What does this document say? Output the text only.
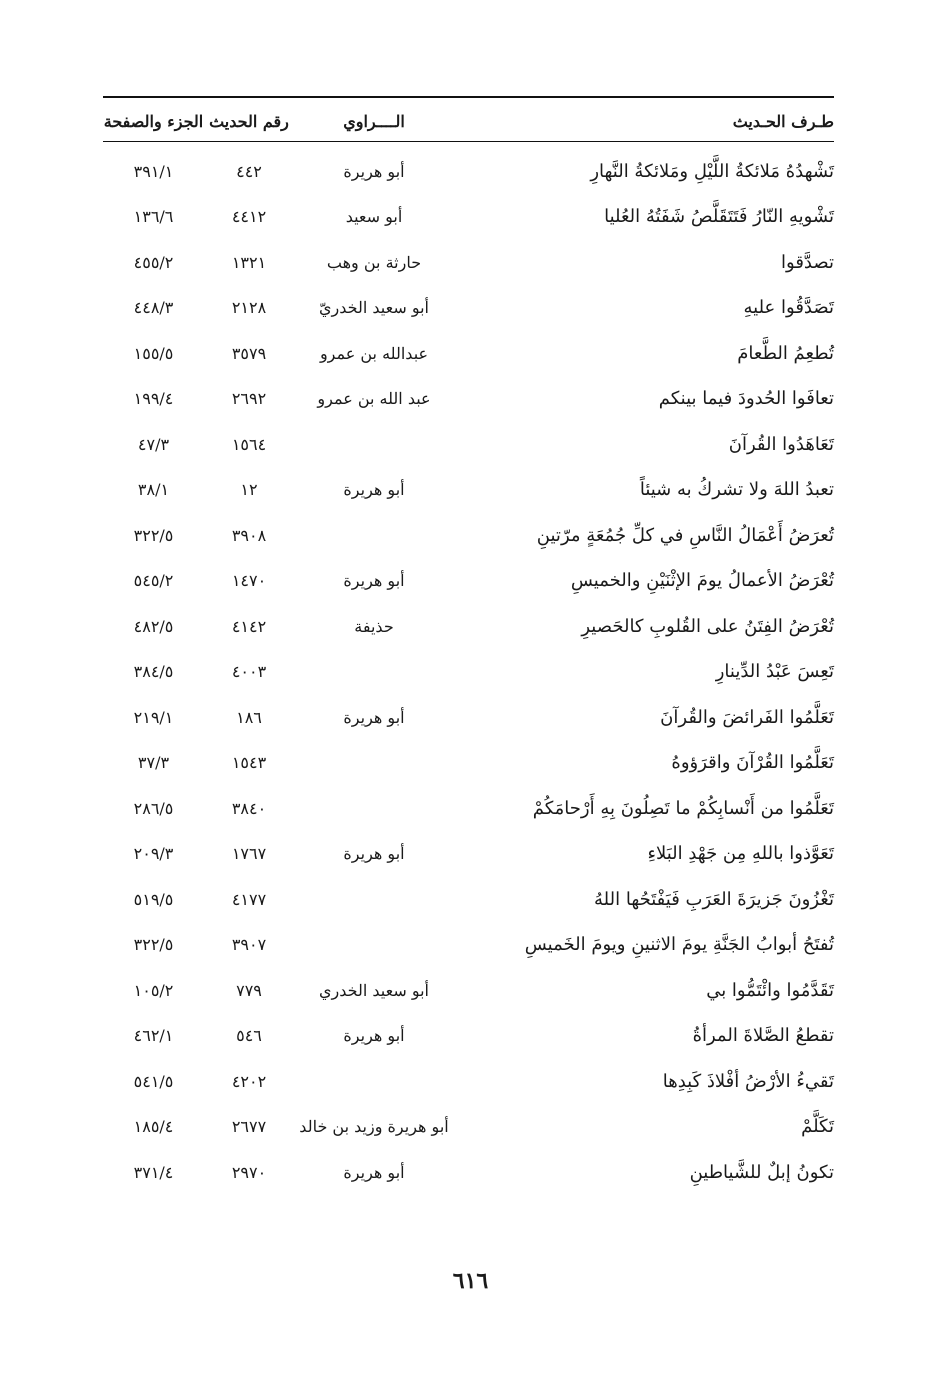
طـرف الحـديث
الــــراوي
رقم الحديث
الجزء والصفحة
تَشْهدُهُ مَلائكةُ اللَّيْلِ ومَلائكةُ النَّهارِ
أبو هريرة
٤٤٢
٣٩١/١
تَشْويهِ النّارُ فَتَتَقَلَّصُ شَفَتُهُ العُليا
أبو سعيد
٤٤١٢
١٣٦/٦
تصدَّقوا
حارثة بن وهب
١٣٢١
٤٥٥/٢
تَصَدَّقُوا عليهِ
أبو سعيد الخدريّ
٢١٢٨
٤٤٨/٣
تُطعِمُ الطَّعامَ
عبدالله بن عمرو
٣٥٧٩
١٥٥/٥
تعافَوا الحُدودَ فيما بينكم
عبد الله بن عمرو
٢٦٩٢
١٩٩/٤
تَعَاهَدُوا القُرآنَ
١٥٦٤
٤٧/٣
تعبدُ اللهَ ولا تشركُ به شيئاً
أبو هريرة
١٢
٣٨/١
تُعرَضُ أَعْمَالُ النَّاسِ في كلِّ جُمُعَةٍ مرّتينِ
٣٩٠٨
٣٢٢/٥
تُعْرَضُ الأعمالُ يومَ الإثْنَيْنِ والخميسِ
أبو هريرة
١٤٧٠
٥٤٥/٢
تُعْرَضُ الفِتَنُ على القُلوبِ كالحَصيرِ
حذيفة
٤١٤٢
٤٨٢/٥
تَعِسَ عَبْدُ الدِّينارِ
٤٠٠٣
٣٨٤/٥
تَعَلَّمُوا الفَرائضَ والقُرآنَ
أبو هريرة
١٨٦
٢١٩/١
تَعَلَّمُوا القُرْآنَ واقرَؤوهُ
١٥٤٣
٣٧/٣
تَعَلَّمُوا من أَنْسابِكُمْ ما تَصِلُونَ بِهِ أَرْحامَكُمْ
٣٨٤٠
٢٨٦/٥
تَعَوَّذوا باللهِ مِن جَهْدِ البَلاءِ
أبو هريرة
١٧٦٧
٢٠٩/٣
تَغْزُونَ جَزيرَةَ العَرَبِ فَيَفْتَحُها اللهُ
٤١٧٧
٥١٩/٥
تُفتَحُ أبوابُ الجَنَّةِ يومَ الاثنينِ ويومَ الخَميسِ
٣٩٠٧
٣٢٢/٥
تَقَدَّمُوا وائْتَمُّوا بي
أبو سعيد الخدري
٧٧٩
١٠٥/٢
تقطعُ الصَّلاةَ المرأةُ
أبو هريرة
٥٤٦
٤٦٢/١
تَقيءُ الأرْضُ أفْلاذَ كَبِدِها
٤٢٠٢
٥٤١/٥
تَكَلَّمْ
أبو هريرة وزيد بن خالد
٢٦٧٧
١٨٥/٤
تكونُ إبلٌ للشَّياطينِ
أبو هريرة
٢٩٧٠
٣٧١/٤
٦١٦
